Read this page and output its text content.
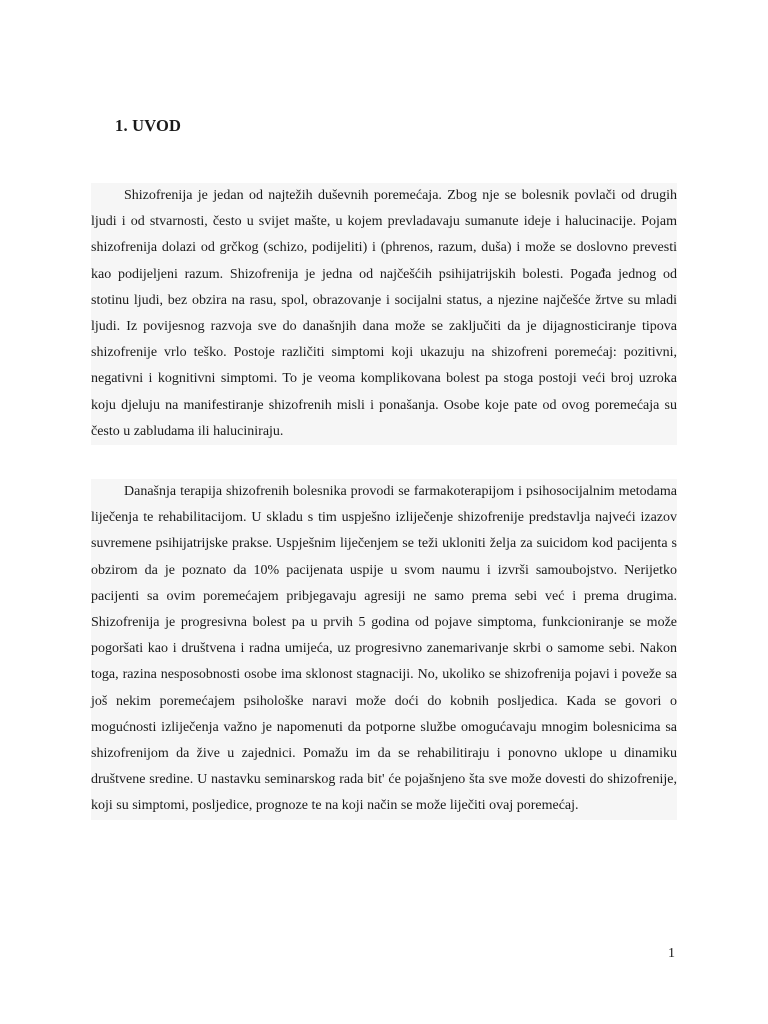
1. UVOD

Shizofrenija je jedan od najtežih duševnih poremećaja. Zbog nje se bolesnik povlači od drugih ljudi i od stvarnosti, često u svijet mašte, u kojem prevladavaju sumanute ideje i halucinacije. Pojam shizofrenija dolazi od grčkog (schizo, podijeliti) i (phrenos, razum, duša) i može se doslovno prevesti kao podijeljeni razum. Shizofrenija je jedna od najčešćih psihijatrijskih bolesti. Pogađa jednog od stotinu ljudi, bez obzira na rasu, spol, obrazovanje i socijalni status, a njezine najčešće žrtve su mladi ljudi. Iz povijesnog razvoja sve do današnjih dana može se zaključiti da je dijagnosticiranje tipova shizofrenije vrlo teško. Postoje različiti simptomi koji ukazuju na shizofreni poremećaj: pozitivni, negativni i kognitivni simptomi. To je veoma komplikovana bolest pa stoga postoji veći broj uzroka koju djeluju na manifestiranje shizofrenih misli i ponašanja. Osobe koje pate od ovog poremećaja su često u zabludama ili haluciniraju.

Današnja terapija shizofrenih bolesnika provodi se farmakoterapijom i psihosocijalnim metodama liječenja te rehabilitacijom. U skladu s tim uspješno izliječenje shizofrenije predstavlja najveći izazov suvremene psihijatrijske prakse. Uspješnim liječenjem se teži ukloniti želja za suicidom kod pacijenta s obzirom da je poznato da 10% pacijenata uspije u svom naumu i izvrši samoubojstvo. Nerijetko pacijenti sa ovim poremećajem pribjegavaju agresiji ne samo prema sebi već i prema drugima. Shizofrenija je progresivna bolest pa u prvih 5 godina od pojave simptoma, funkcioniranje se može pogoršati kao i društvena i radna umijeća, uz progresivno zanemarivanje skrbi o samome sebi. Nakon toga, razina nesposobnosti osobe ima sklonost stagnaciji. No, ukoliko se shizofrenija pojavi i poveže sa još nekim poremećajem psihološke naravi može doći do kobnih posljedica. Kada se govori o mogućnosti izliječenja važno je napomenuti da potporne službe omogućavaju mnogim bolesnicima sa shizofrenijom da žive u zajednici. Pomažu im da se rehabilitiraju i ponovno uklope u dinamiku društvene sredine. U nastavku seminarskog rada bit' će pojašnjeno šta sve može dovesti do shizofrenije, koji su simptomi, posljedice, prognoze te na koji način se može liječiti ovaj poremećaj.

1
